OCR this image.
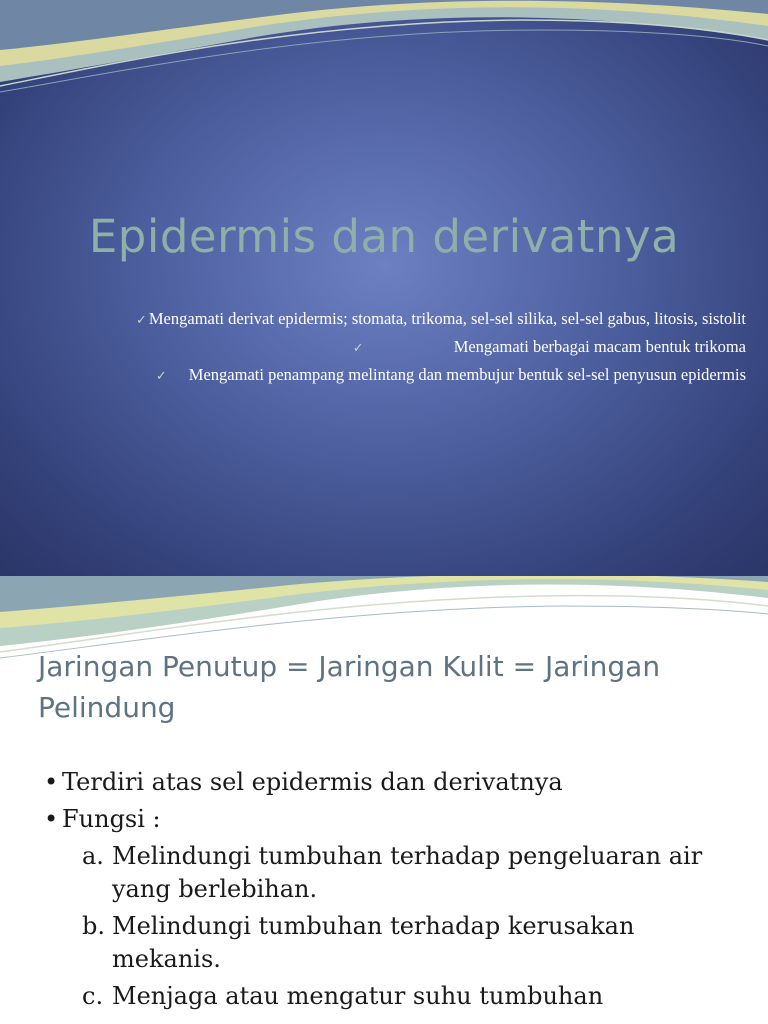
Epidermis dan derivatnya
✓ Mengamati derivat epidermis; stomata, trikoma, sel-sel silika, sel-sel gabus, litosis, sistolit
✓	Mengamati berbagai macam bentuk trikoma
✓ Mengamati penampang melintang dan membujur bentuk sel-sel penyusun epidermis
Jaringan Penutup = Jaringan Kulit = Jaringan Pelindung
• Terdiri atas sel epidermis dan derivatnya
• Fungsi :
a. Melindungi tumbuhan terhadap pengeluaran air yang berlebihan.
b. Melindungi tumbuhan terhadap kerusakan mekanis.
c. Menjaga atau mengatur suhu tumbuhan
